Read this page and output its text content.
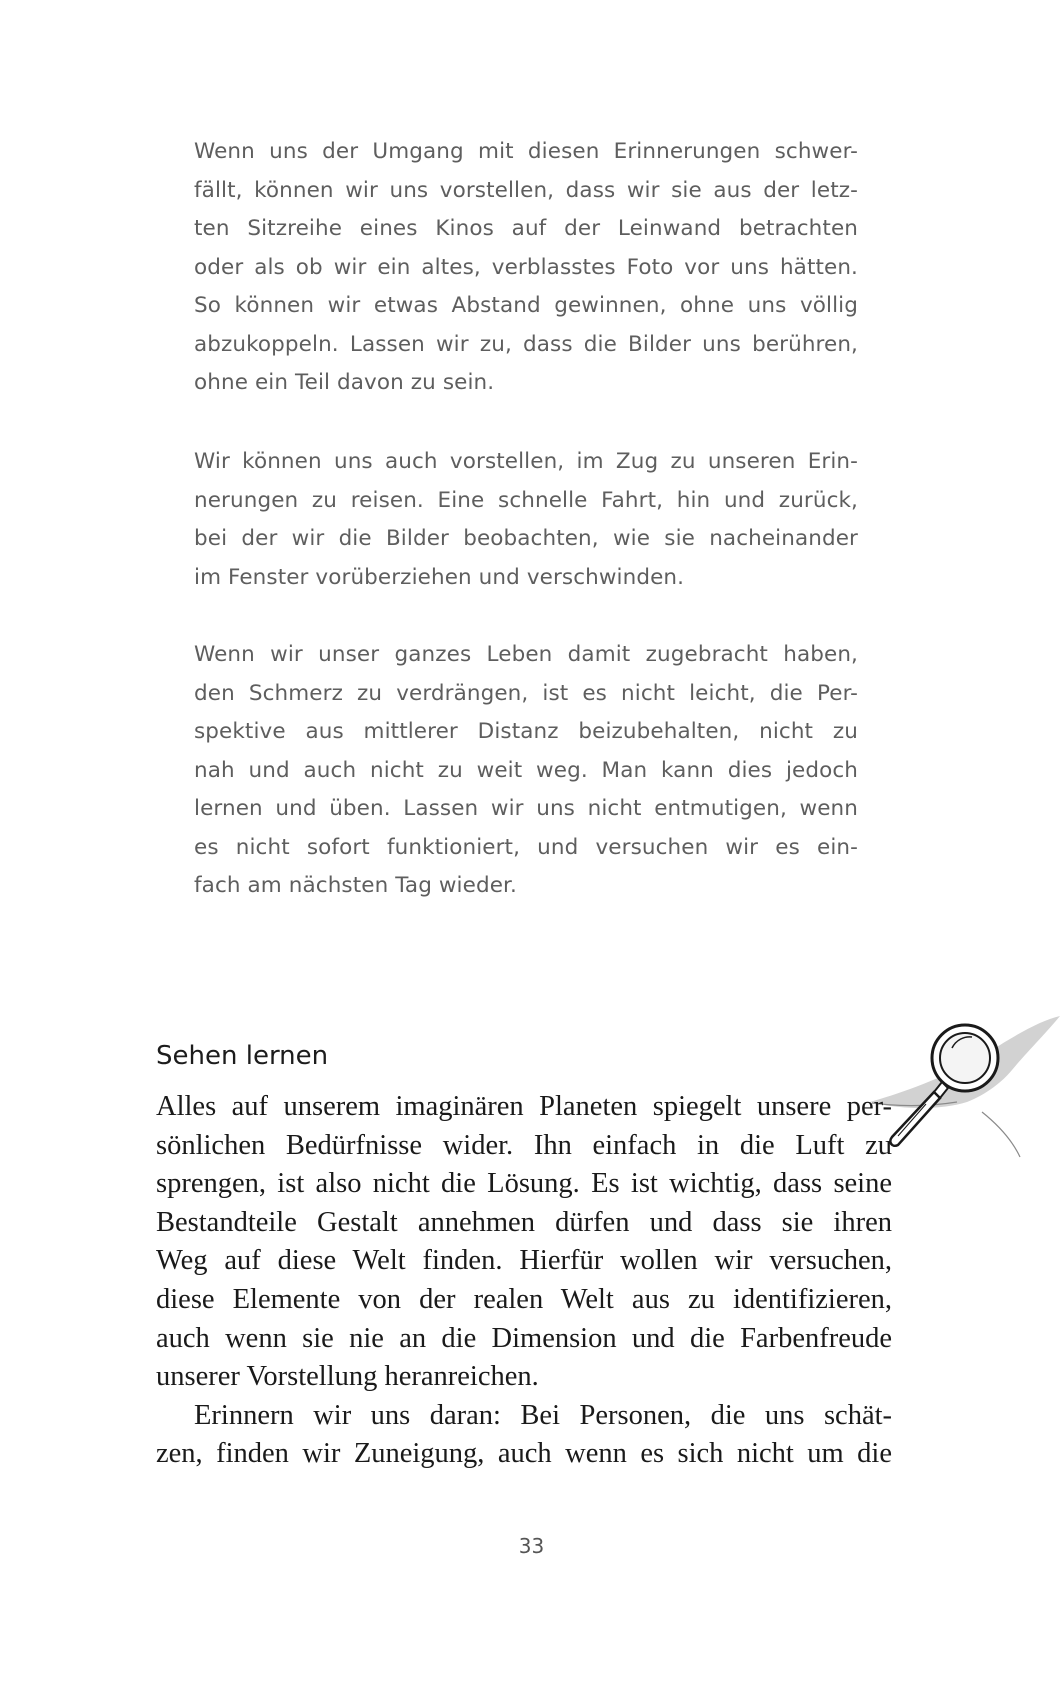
Wenn uns der Umgang mit diesen Erinnerungen schwer-
fällt, können wir uns vorstellen, dass wir sie aus der letz-
ten Sitzreihe eines Kinos auf der Leinwand betrachten
oder als ob wir ein altes, verblasstes Foto vor uns hätten.
So können wir etwas Abstand gewinnen, ohne uns völlig
abzukoppeln. Lassen wir zu, dass die Bilder uns berühren,
ohne ein Teil davon zu sein.
Wir können uns auch vorstellen, im Zug zu unseren Erin-
nerungen zu reisen. Eine schnelle Fahrt, hin und zurück,
bei der wir die Bilder beobachten, wie sie nacheinander
im Fenster vorüberziehen und verschwinden.
Wenn wir unser ganzes Leben damit zugebracht haben,
den Schmerz zu verdrängen, ist es nicht leicht, die Per-
spektive aus mittlerer Distanz beizubehalten, nicht zu
nah und auch nicht zu weit weg. Man kann dies jedoch
lernen und üben. Lassen wir uns nicht entmutigen, wenn
es nicht sofort funktioniert, und versuchen wir es ein-
fach am nächsten Tag wieder.
Sehen lernen
Alles auf unserem imaginären Planeten spiegelt unsere per-
sönlichen Bedürfnisse wider. Ihn einfach in die Luft zu
sprengen, ist also nicht die Lösung. Es ist wichtig, dass seine
Bestandteile Gestalt annehmen dürfen und dass sie ihren
Weg auf diese Welt finden. Hierfür wollen wir versuchen,
diese Elemente von der realen Welt aus zu identifizieren,
auch wenn sie nie an die Dimension und die Farbenfreude
unserer Vorstellung heranreichen.
Erinnern wir uns daran: Bei Personen, die uns schät-
zen, finden wir Zuneigung, auch wenn es sich nicht um die
33
